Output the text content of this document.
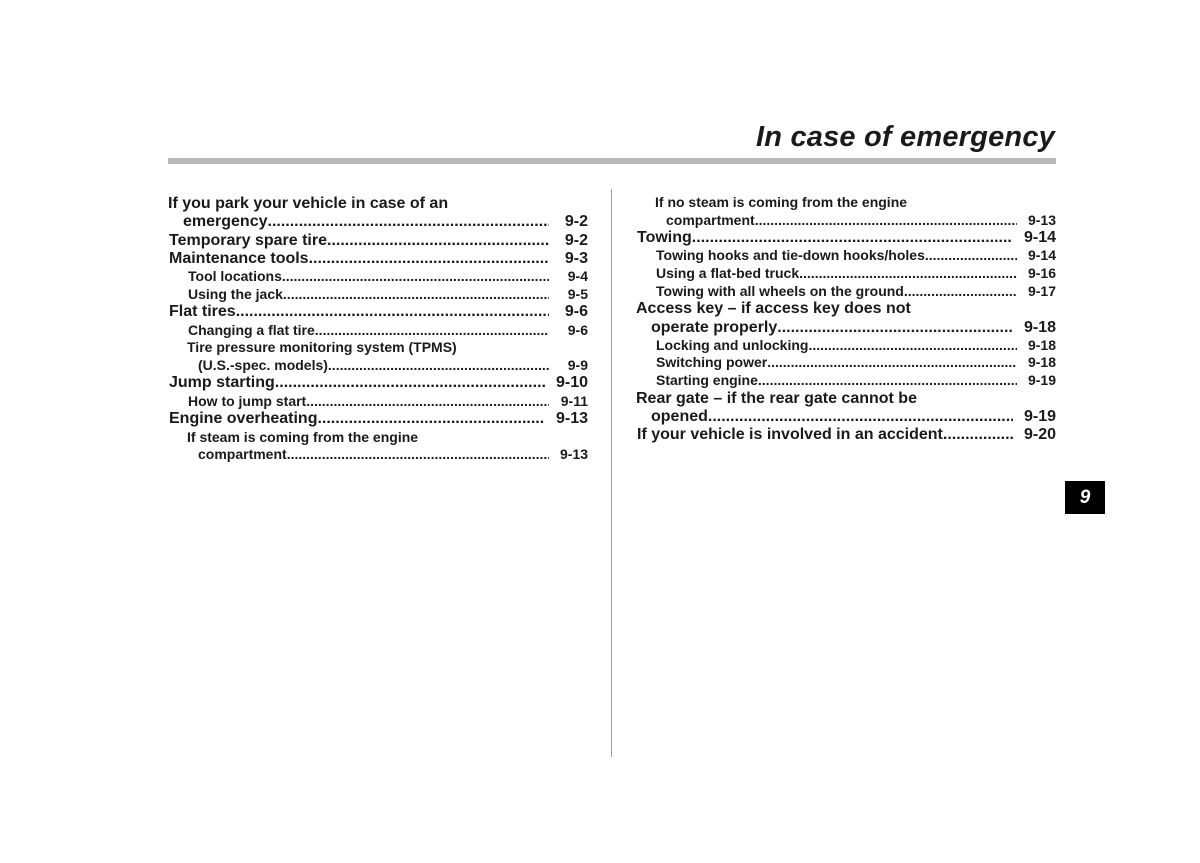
In case of emergency
If you park your vehicle in case of an
emergency .....	9-2
Temporary spare tire .....	9-2
Maintenance tools .....	9-3
Tool locations .....	9-4
Using the jack .....	9-5
Flat tires .....	9-6
Changing a flat tire .....	9-6
Tire pressure monitoring system (TPMS)
(U.S.-spec. models) .....	9-9
Jump starting .....	9-10
How to jump start .....	9-11
Engine overheating .....	9-13
If steam is coming from the engine
compartment .....	9-13
If no steam is coming from the engine
compartment .....	9-13
Towing .....	9-14
Towing hooks and tie-down hooks/holes .....	9-14
Using a flat-bed truck .....	9-16
Towing with all wheels on the ground .....	9-17
Access key – if access key does not
operate properly .....	9-18
Locking and unlocking .....	9-18
Switching power .....	9-18
Starting engine .....	9-19
Rear gate – if the rear gate cannot be
opened .....	9-19
If your vehicle is involved in an accident .....	9-20
9
